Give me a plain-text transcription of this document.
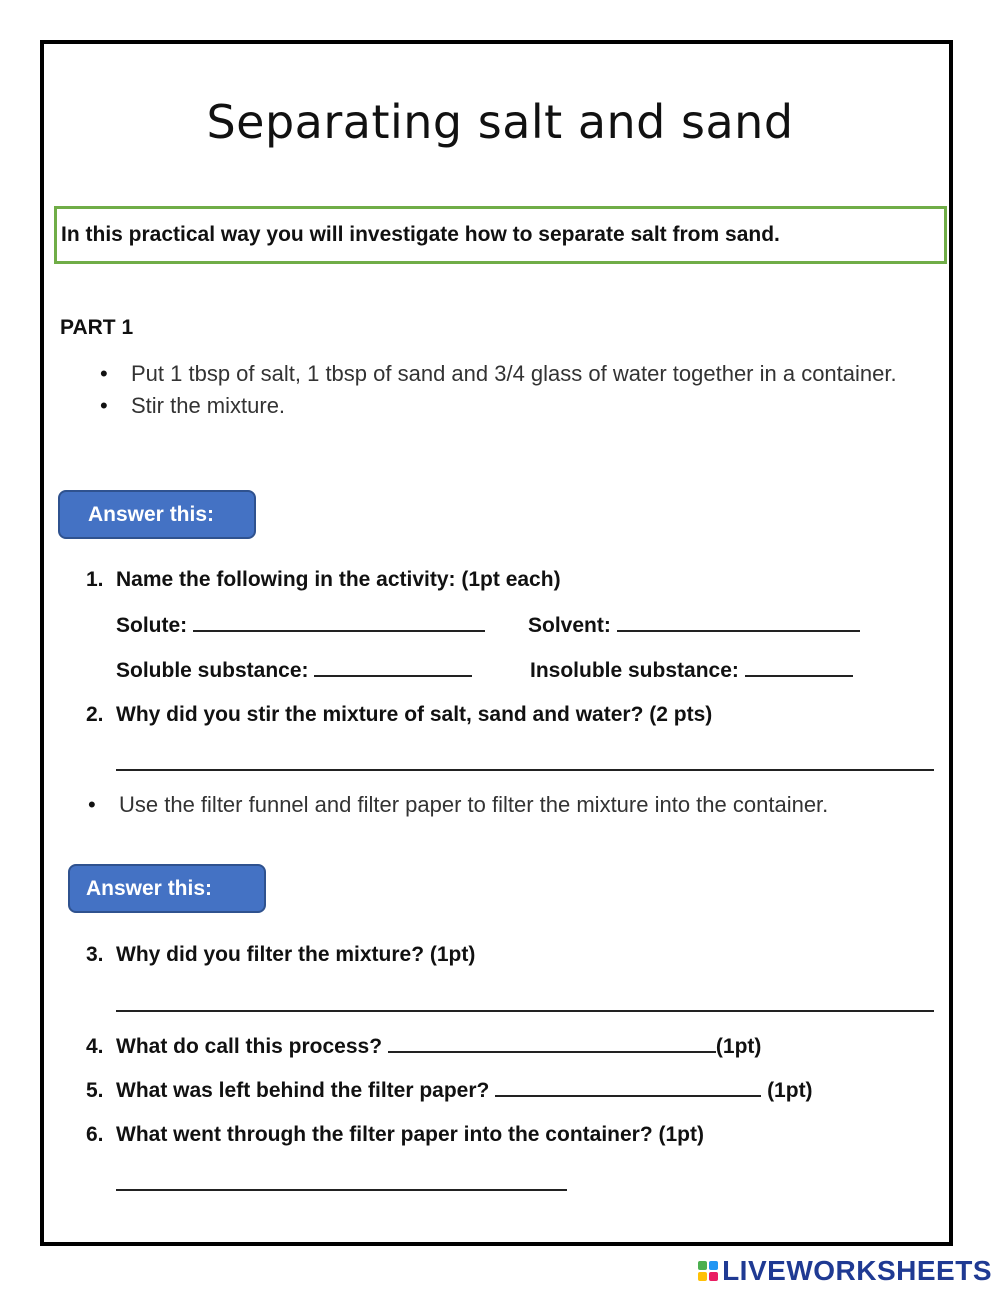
Separating salt and sand
In this practical way you will investigate how to separate salt from sand.
PART 1
• Put 1 tbsp of salt, 1 tbsp of sand and 3/4 glass of water together in a container.
• Stir the mixture.
Answer this:
1. Name the following in the activity: (1pt each)
Solute:	Solvent:
Soluble substance:	Insoluble substance:
2. Why did you stir the mixture of salt, sand and water? (2 pts)
• Use the filter funnel and filter paper to filter the mixture into the container.
Answer this:
3. Why did you filter the mixture? (1pt)
4. What do call this process?	(1pt)
5. What was left behind the filter paper?	(1pt)
6. What went through the filter paper into the container? (1pt)
LIVEWORKSHEETS
